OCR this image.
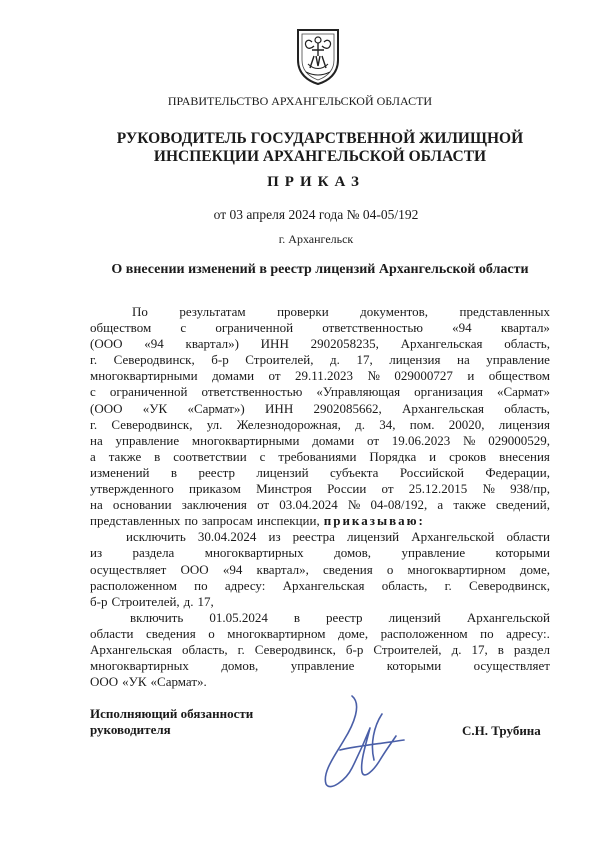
ПРАВИТЕЛЬСТВО АРХАНГЕЛЬСКОЙ ОБЛАСТИ
РУКОВОДИТЕЛЬ ГОСУДАРСТВЕННОЙ ЖИЛИЩНОЙ
ИНСПЕКЦИИ АРХАНГЕЛЬСКОЙ ОБЛАСТИ
ПРИКАЗ
от 03 апреля 2024 года № 04-05/192
г. Архангельск
О внесении изменений в реестр лицензий Архангельской области
По результатам проверки документов, представленных
обществом с ограниченной ответственностью «94 квартал»
(ООО «94 квартал») ИНН 2902058235, Архангельская область,
г. Северодвинск, б-р Строителей, д. 17, лицензия на управление
многоквартирными домами от 29.11.2023 № 029000727 и обществом
с ограниченной ответственностью «Управляющая организация «Сармат»
(ООО «УК «Сармат») ИНН 2902085662, Архангельская область,
г. Северодвинск, ул. Железнодорожная, д. 34, пом. 20020, лицензия
на управление многоквартирными домами от 19.06.2023 № 029000529,
а также в соответствии с требованиями Порядка и сроков внесения
изменений в реестр лицензий субъекта Российской Федерации,
утвержденного приказом Минстроя России от 25.12.2015 № 938/пр,
на основании заключения от 03.04.2024 № 04-08/192, а также сведений,
представленных по запросам инспекции, приказываю:
исключить 30.04.2024 из реестра лицензий Архангельской области
из раздела многоквартирных домов, управление которыми
осуществляет ООО «94 квартал», сведения о многоквартирном доме,
расположенном по адресу: Архангельская область, г. Северодвинск,
б-р Строителей, д. 17,
включить 01.05.2024 в реестр лицензий Архангельской
области сведения о многоквартирном доме, расположенном по адресу:.
Архангельская область, г. Северодвинск, б-р Строителей, д. 17, в раздел
многоквартирных домов, управление которыми осуществляет
ООО «УК «Сармат».
Исполняющий обязанности
руководителя	С.Н. Трубина
